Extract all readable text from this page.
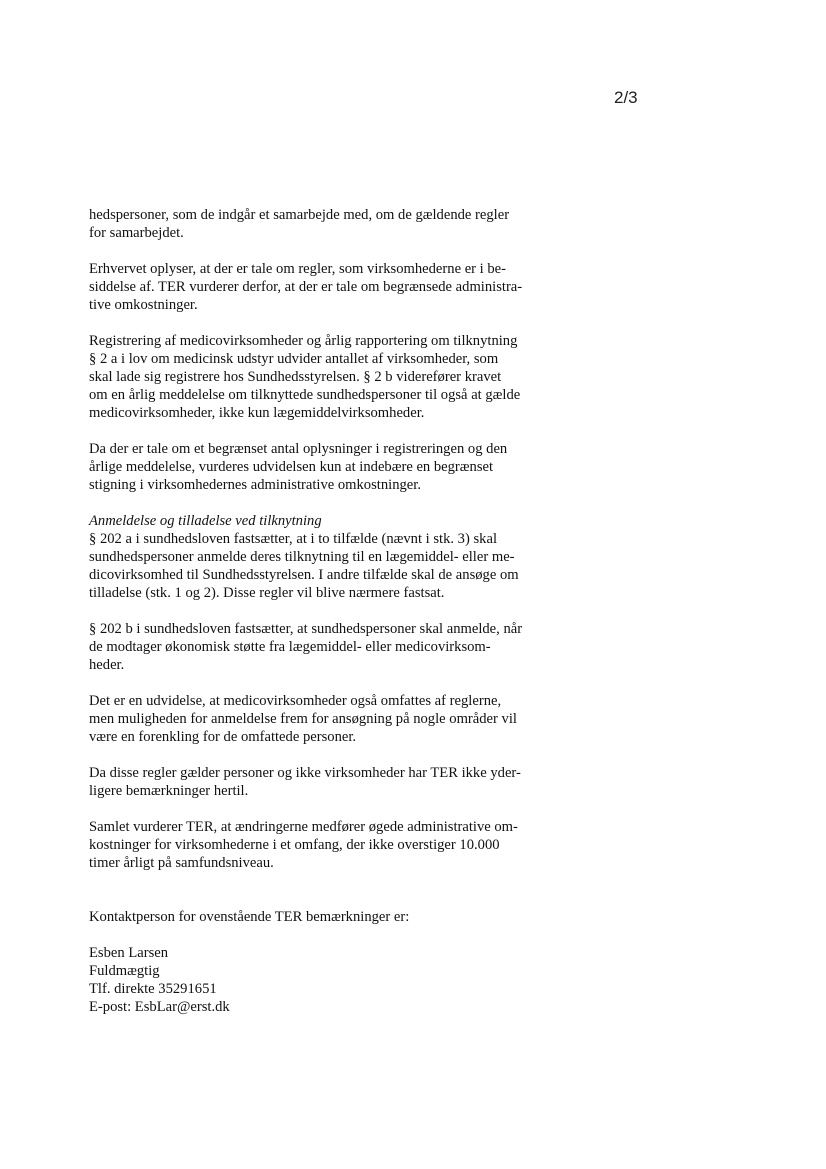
2/3
hedspersoner, som de indgår et samarbejde med, om de gældende regler
for samarbejdet.
Erhvervet oplyser, at der er tale om regler, som virksomhederne er i be-
siddelse af. TER vurderer derfor, at der er tale om begrænsede administra-
tive omkostninger.
Registrering af medicovirksomheder og årlig rapportering om tilknytning
§ 2 a i lov om medicinsk udstyr udvider antallet af virksomheder, som
skal lade sig registrere hos Sundhedsstyrelsen. § 2 b viderefører kravet
om en årlig meddelelse om tilknyttede sundhedspersoner til også at gælde
medicovirksomheder, ikke kun lægemiddelvirksomheder.
Da der er tale om et begrænset antal oplysninger i registreringen og den
årlige meddelelse, vurderes udvidelsen kun at indebære en begrænset
stigning i virksomhedernes administrative omkostninger.
Anmeldelse og tilladelse ved tilknytning
§ 202 a i sundhedsloven fastsætter, at i to tilfælde (nævnt i stk. 3) skal
sundhedspersoner anmelde deres tilknytning til en lægemiddel- eller me-
dicovirksomhed til Sundhedsstyrelsen. I andre tilfælde skal de ansøge om
tilladelse (stk. 1 og 2). Disse regler vil blive nærmere fastsat.
§ 202 b i sundhedsloven fastsætter, at sundhedspersoner skal anmelde, når
de modtager økonomisk støtte fra lægemiddel- eller medicovirksom-
heder.
Det er en udvidelse, at medicovirksomheder også omfattes af reglerne,
men muligheden for anmeldelse frem for ansøgning på nogle områder vil
være en forenkling for de omfattede personer.
Da disse regler gælder personer og ikke virksomheder har TER ikke yder-
ligere bemærkninger hertil.
Samlet vurderer TER, at ændringerne medfører øgede administrative om-
kostninger for virksomhederne i et omfang, der ikke overstiger 10.000
timer årligt på samfundsniveau.
Kontaktperson for ovenstående TER bemærkninger er:
Esben Larsen
Fuldmægtig
Tlf. direkte 35291651
E-post: EsbLar@erst.dk
